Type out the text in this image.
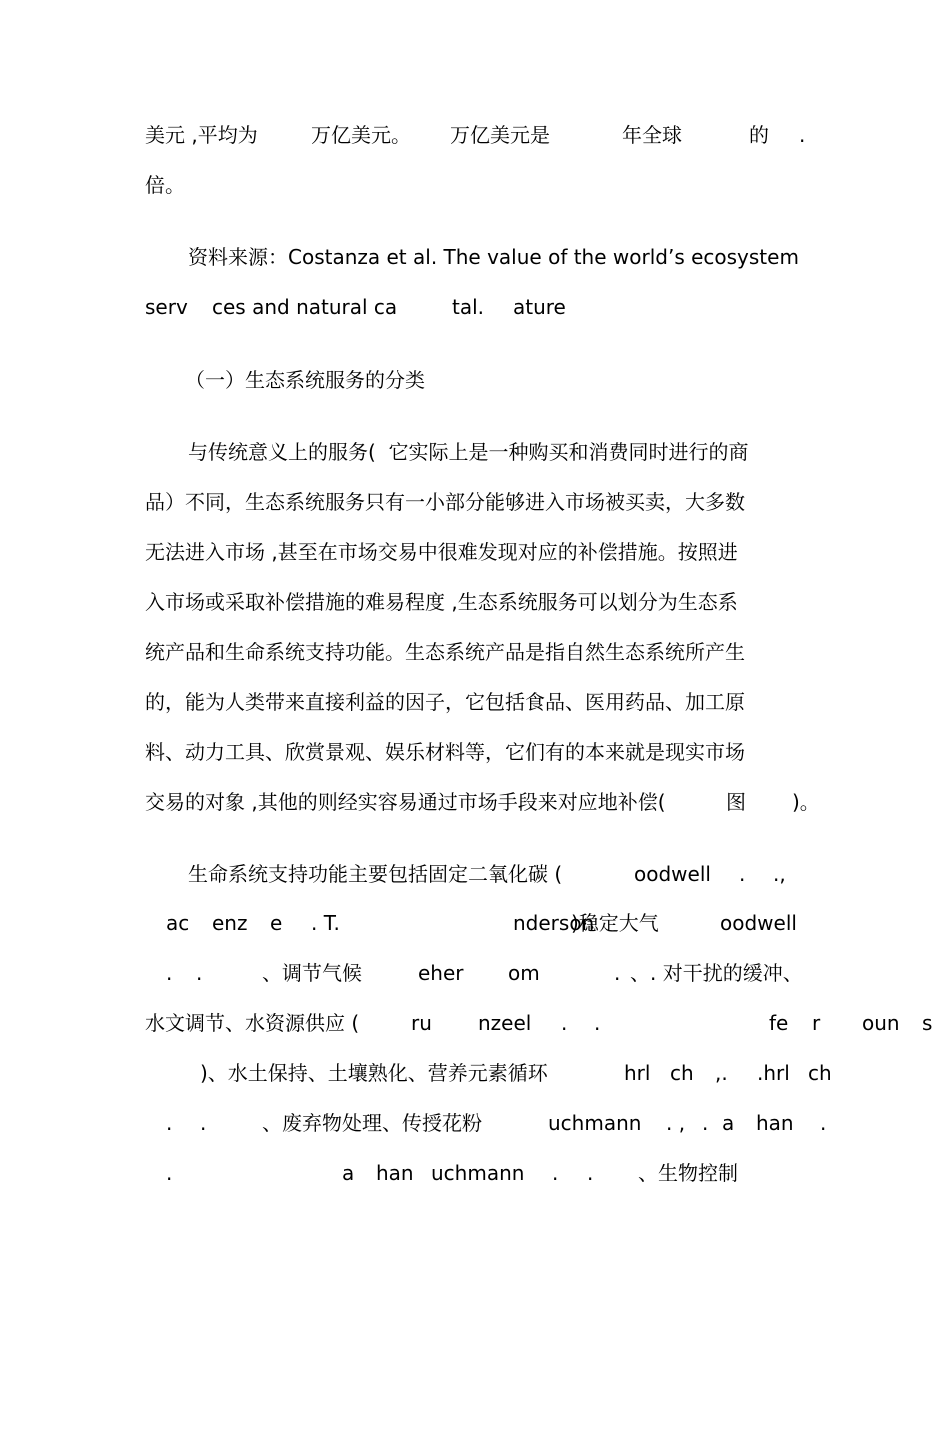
美元 ,平均为

	万亿美元。

万亿美元是

	年全球

	的

.

倍。

资料来源：Costanza et al. The value of the world’s ecosystem

serv

ces and natural ca

	tal.

ature

（一）生态系统服务的分类

与传统意义上的服务(  它实际上是一种购买和消费同时进行的商

品）不同，生态系统服务只有一小部分能够进入市场被买卖，大多数

无法进入市场 ,甚至在市场交易中很难发现对应的补偿措施。按照进

入市场或采取补偿措施的难易程度 ,生态系统服务可以划分为生态系

统产品和生命系统支持功能。生态系统产品是指自然生态系统所产生

的，能为人类带来直接利益的因子，它包括食品、医用药品、加工原

料、动力工具、欣赏景观、娱乐材料等，它们有的本来就是现实市场

交易的对象 ,其他的则经实容易通过市场手段来对应地补偿(

	图

)。

生命系统支持功能主要包括固定二氧化碳 (

	oodwell

.

.,

ac

enz

e

. T.

	nderson

)稳定大气

	oodwell

.

.

	、调节气候

	eher

om

	.

、. 对干扰的缓冲、

水文调节、水资源供应 (

	ru

nzeel

.

.

	fe

r

oun

s

)、水土保持、土壤熟化、营养元素循环

	hrl

ch

,.

.hrl

ch

.

.

	、废弃物处理、传授花粉

	uchmann

. ,

.

a

han

.

.

	a

han

uchmann

.

.

、生物控制
